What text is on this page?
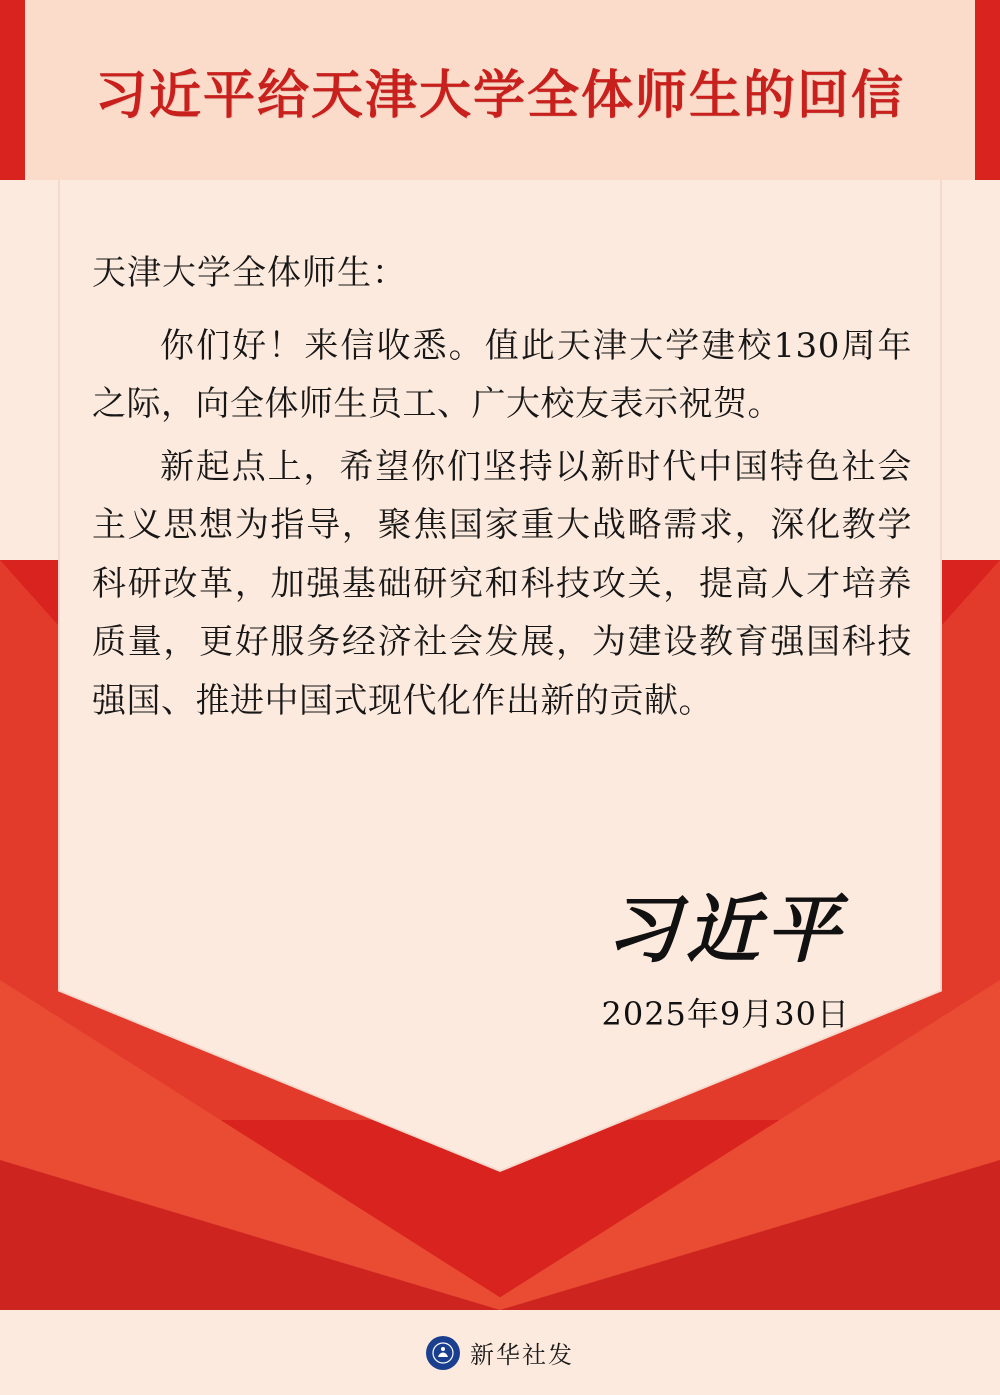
习近平给天津大学全体师生的回信
天津大学全体师生：

你们好！来信收悉。值此天津大学建校130周年之际，向全体师生员工、广大校友表示祝贺。

新起点上，希望你们坚持以新时代中国特色社会主义思想为指导，聚焦国家重大战略需求，深化教学科研改革，加强基础研究和科技攻关，提高人才培养质量，更好服务经济社会发展，为建设教育强国科技强国、推进中国式现代化作出新的贡献。

习近平
2025年9月30日
新华社发
